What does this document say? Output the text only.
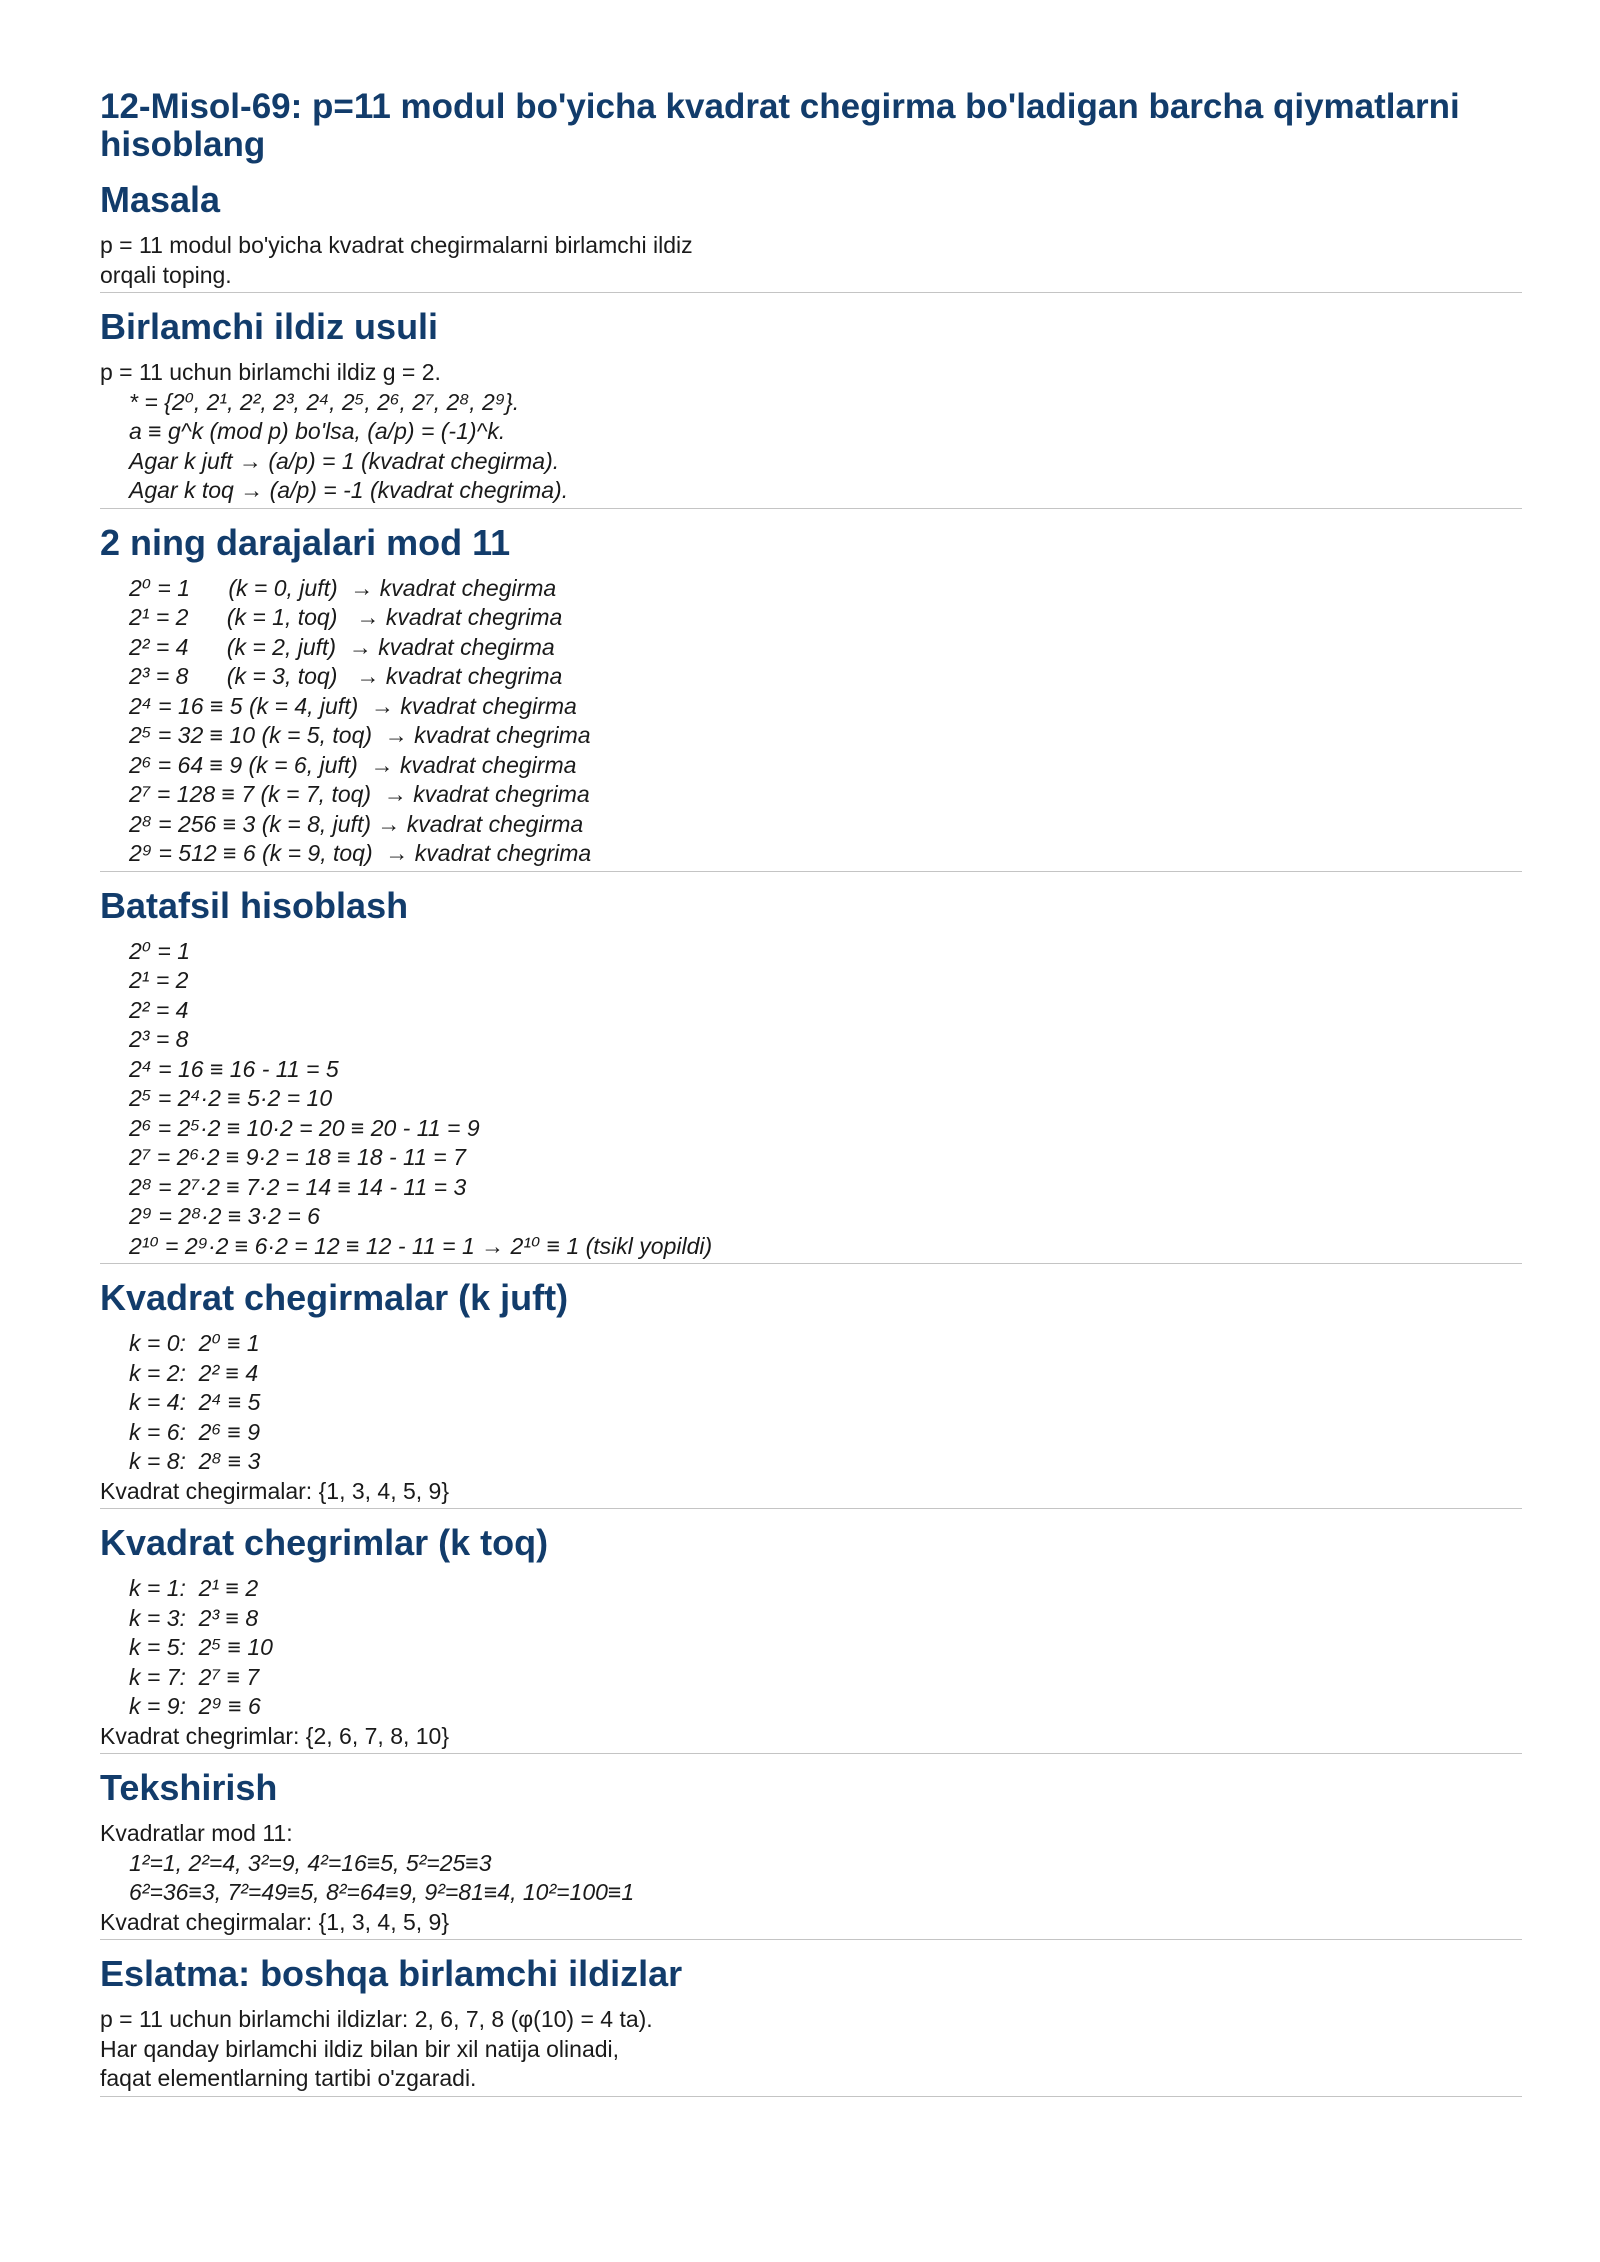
12-Misol-69: p=11 modul bo'yicha kvadrat chegirma bo'ladigan barcha qiymatlarni hisoblang
Masala
p = 11 modul bo'yicha kvadrat chegirmalarni birlamchi ildiz
orqali toping.
Birlamchi ildiz usuli
p = 11 uchun birlamchi ildiz g = 2.
* = {2⁰, 2¹, 2², 2³, 2⁴, 2⁵, 2⁶, 2⁷, 2⁸, 2⁹}.
a ≡ g^k (mod p) bo'lsa, (a/p) = (-1)^k.
Agar k juft → (a/p) = 1 (kvadrat chegirma).
Agar k toq → (a/p) = -1 (kvadrat chegrima).
2 ning darajalari mod 11
2⁰ = 1      (k = 0, juft)  → kvadrat chegirma
2¹ = 2      (k = 1, toq)   → kvadrat chegrima
2² = 4      (k = 2, juft)  → kvadrat chegirma
2³ = 8      (k = 3, toq)   → kvadrat chegrima
2⁴ = 16 ≡ 5 (k = 4, juft)  → kvadrat chegirma
2⁵ = 32 ≡ 10 (k = 5, toq)  → kvadrat chegrima
2⁶ = 64 ≡ 9 (k = 6, juft)  → kvadrat chegirma
2⁷ = 128 ≡ 7 (k = 7, toq)  → kvadrat chegrima
2⁸ = 256 ≡ 3 (k = 8, juft) → kvadrat chegirma
2⁹ = 512 ≡ 6 (k = 9, toq)  → kvadrat chegrima
Batafsil hisoblash
2⁰ = 1
2¹ = 2
2² = 4
2³ = 8
2⁴ = 16 ≡ 16 - 11 = 5
2⁵ = 2⁴·2 ≡ 5·2 = 10
2⁶ = 2⁵·2 ≡ 10·2 = 20 ≡ 20 - 11 = 9
2⁷ = 2⁶·2 ≡ 9·2 = 18 ≡ 18 - 11 = 7
2⁸ = 2⁷·2 ≡ 7·2 = 14 ≡ 14 - 11 = 3
2⁹ = 2⁸·2 ≡ 3·2 = 6
2¹⁰ = 2⁹·2 ≡ 6·2 = 12 ≡ 12 - 11 = 1 → 2¹⁰ ≡ 1 (tsikl yopildi)
Kvadrat chegirmalar (k juft)
k = 0:  2⁰ ≡ 1
k = 2:  2² ≡ 4
k = 4:  2⁴ ≡ 5
k = 6:  2⁶ ≡ 9
k = 8:  2⁸ ≡ 3
Kvadrat chegirmalar: {1, 3, 4, 5, 9}
Kvadrat chegrimlar (k toq)
k = 1:  2¹ ≡ 2
k = 3:  2³ ≡ 8
k = 5:  2⁵ ≡ 10
k = 7:  2⁷ ≡ 7
k = 9:  2⁹ ≡ 6
Kvadrat chegrimlar: {2, 6, 7, 8, 10}
Tekshirish
Kvadratlar mod 11:
1²=1, 2²=4, 3²=9, 4²=16≡5, 5²=25≡3
6²=36≡3, 7²=49≡5, 8²=64≡9, 9²=81≡4, 10²=100≡1
Kvadrat chegirmalar: {1, 3, 4, 5, 9}
Eslatma: boshqa birlamchi ildizlar
p = 11 uchun birlamchi ildizlar: 2, 6, 7, 8 (φ(10) = 4 ta).
Har qanday birlamchi ildiz bilan bir xil natija olinadi,
faqat elementlarning tartibi o'zgaradi.
